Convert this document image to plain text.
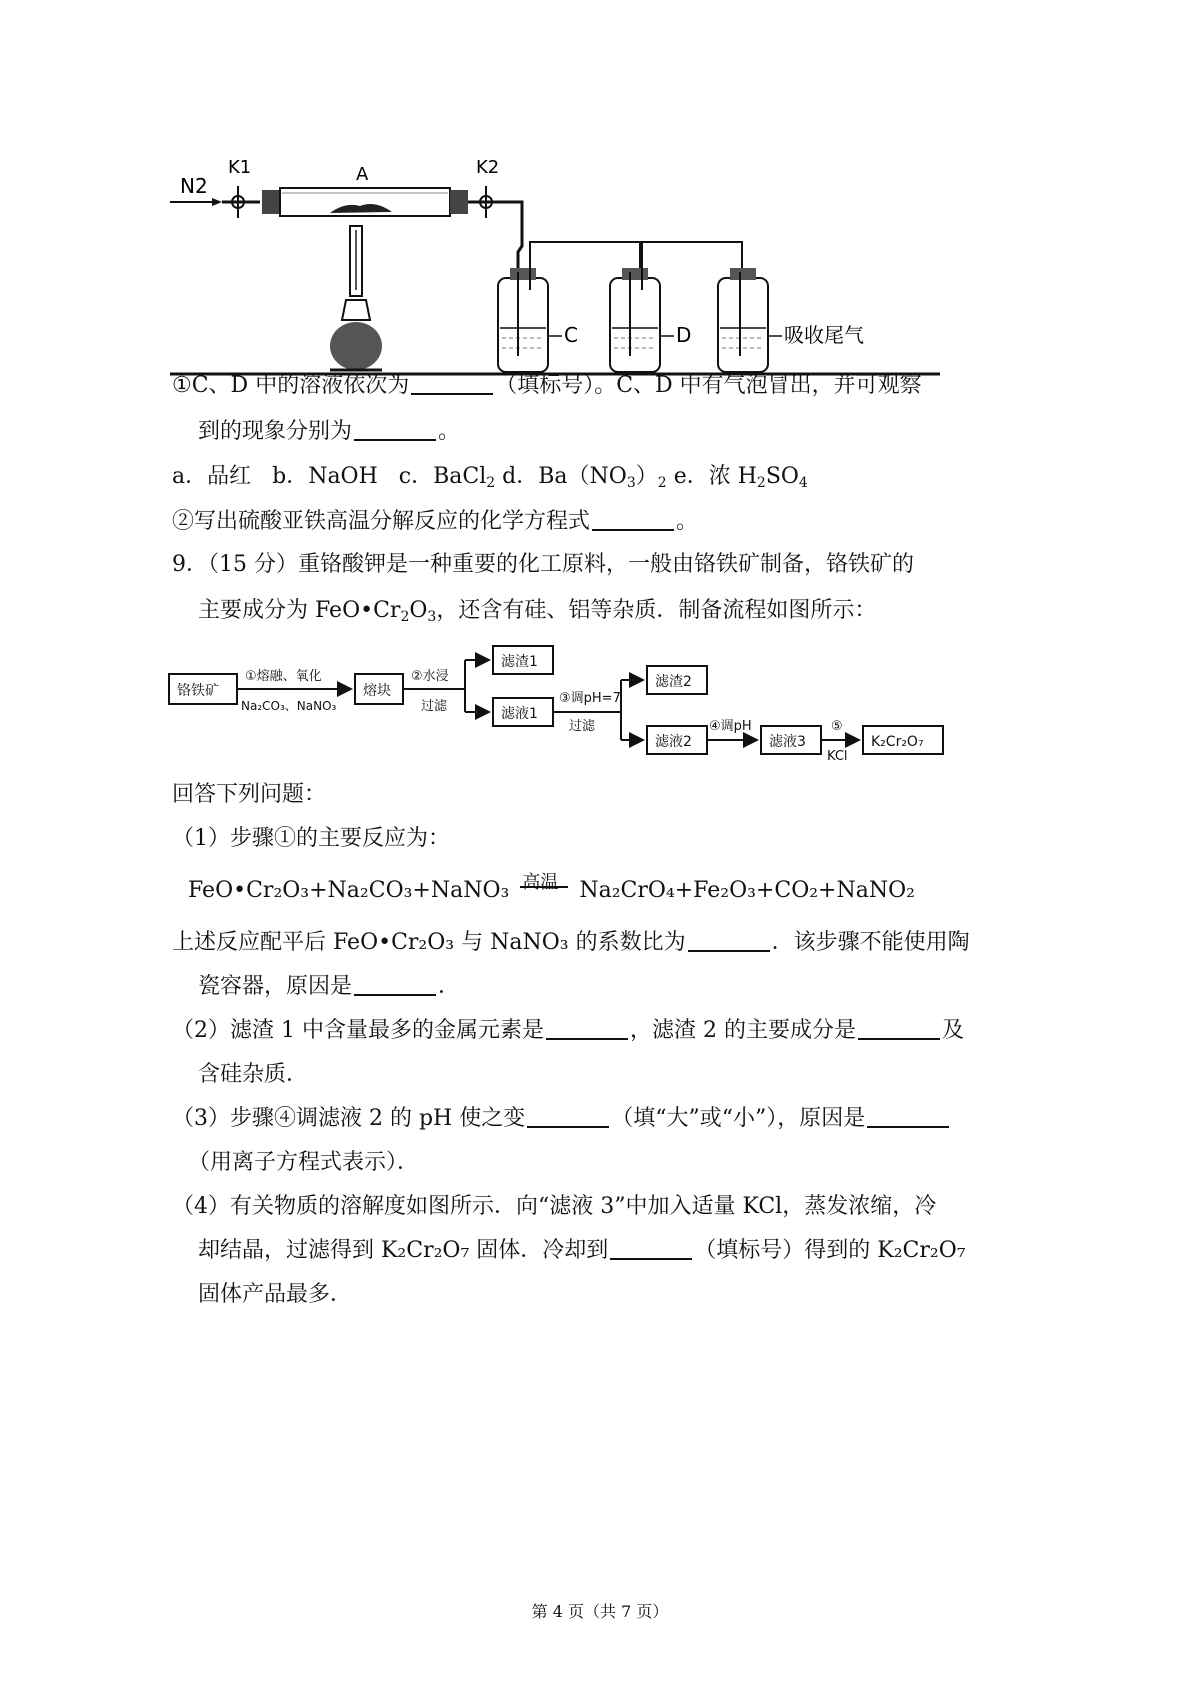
N2
K1	A	K2
C	D	吸收尾气
①C、D 中的溶液依次为	（填标号）。C、D 中有气泡冒出，并可观察
到的现象分别为	。
a．品红 b．NaOH c．BaCl$_2$ d．$Ba(NO_3)_2$ e．浓 $H_2SO_4$
②写出硫酸亚铁高温分解反应的化学方程式	。
9．（15 分）重铬酸钾是一种重要的化工原料，一般由铬铁矿制备，铬铁矿的
主要成分为 $FeO•Cr_2O_3$，还含有硅、铝等杂质．制备流程如图所示：
铬铁矿
①熔融、氧化
Na₂CO₃、NaNO₃
熔块
②水浸
过滤
滤渣1
滤液1
③调pH=7
过滤
滤渣2
滤液2
④调pH
滤液3
⑤
KCl
K₂Cr₂O₇
回答下列问题：
（1）步骤①的主要反应为：
FeO•Cr₂O₃+Na₂CO₃+NaNO₃ 高温 Na₂CrO₄+Fe₂O₃+CO₂+NaNO₂
上述反应配平后 FeO•Cr₂O₃ 与 NaNO₃ 的系数比为	．该步骤不能使用陶
瓷容器，原因是	．
（2）滤渣 1 中含量最多的金属元素是	，滤渣 2 的主要成分是	及
含硅杂质．
（3）步骤④调滤液 2 的 pH 使之变	（填“大”或“小”），原因是
（用离子方程式表示）．
（4）有关物质的溶解度如图所示．向“滤液 3”中加入适量 KCl，蒸发浓缩，冷
却结晶，过滤得到 K₂Cr₂O₇ 固体．冷却到	（填标号）得到的 K₂Cr₂O₇
固体产品最多．
第 4 页（共 7 页）
